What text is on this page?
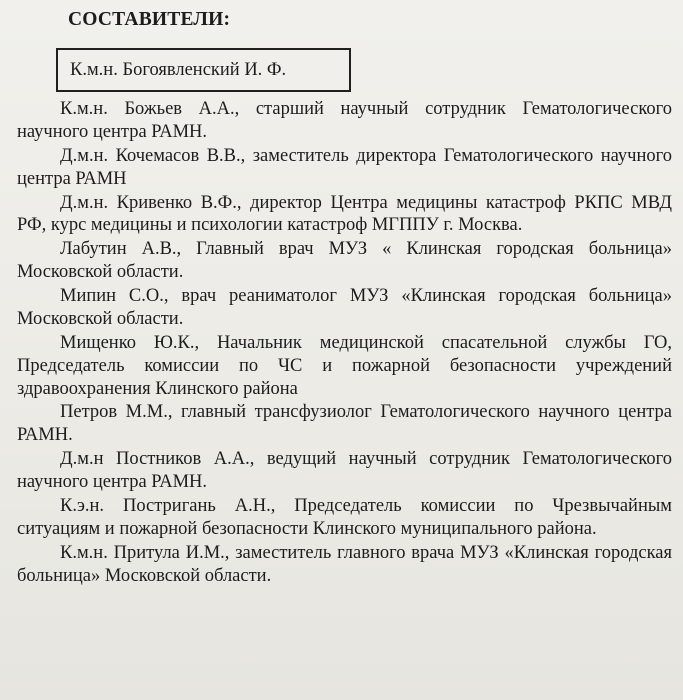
СОСТАВИТЕЛИ:
К.м.н. Богоявленский И. Ф.
К.м.н. Божьев А.А., старший научный сотрудник Гематологического научного центра РАМН.
Д.м.н. Кочемасов В.В., заместитель директора Гематологического научного центра РАМН
Д.м.н. Кривенко В.Ф., директор Центра медицины катастроф РКПС МВД РФ, курс медицины и психологии катастроф МГППУ г. Москва.
Лабутин А.В., Главный врач МУЗ « Клинская городская больница» Московской области.
Мипин С.О., врач реаниматолог МУЗ «Клинская городская больница» Московской области.
Мищенко Ю.К., Начальник медицинской спасательной службы ГО, Председатель комиссии по ЧС и пожарной безопасности учреждений здравоохранения Клинского района
Петров М.М., главный трансфузиолог Гематологического научного центра РАМН.
Д.м.н Постников А.А., ведущий научный сотрудник Гематологического научного центра РАМН.
К.э.н. Постригань А.Н., Председатель комиссии по Чрезвычайным ситуациям и пожарной безопасности Клинского муниципального района.
К.м.н. Притула И.М., заместитель главного врача МУЗ «Клинская городская больница» Московской области.
